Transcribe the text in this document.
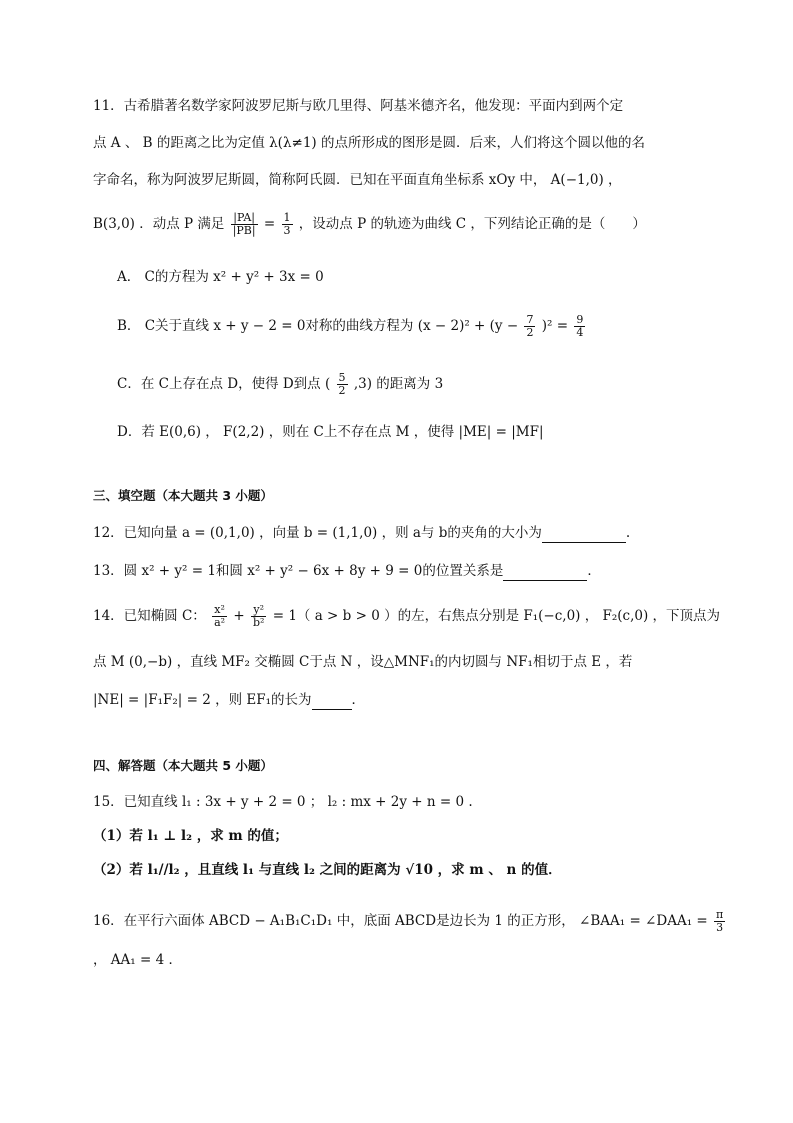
11．古希腊著名数学家阿波罗尼斯与欧几里得、阿基米德齐名，他发现：平面内到两个定
点 A 、 B 的距离之比为定值 λ(λ≠1) 的点所形成的图形是圆．后来，人们将这个圆以他的名
字命名，称为阿波罗尼斯圆，简称阿氏圆．已知在平面直角坐标系 xOy 中， A(−1,0) ，
B(3,0) ．动点 P 满足 $\frac{|PA|}{|PB|} = \frac{1}{3}$ ，设动点 P 的轨迹为曲线 C ，下列结论正确的是（　　）
A． C的方程为 x² + y² + 3x = 0
B． C关于直线 x + y − 2 = 0对称的曲线方程为 $(x - 2)^2 + (y - \frac{7}{2} )^2 = \frac{9}{4}$
C．在 C上存在点 D，使得 D到点 ( $\frac{5}{2} ,3$) 的距离为 3
D．若 E(0,6) ， F(2,2) ，则在 C上不存在点 M ，使得 |ME| = |MF|
三、填空题（本大题共 3 小题）
12．已知向量 a = (0,1,0) ，向量 b = (1,1,0) ，则 a与 b的夹角的大小为	.
13．圆 x² + y² = 1和圆 x² + y² − 6x + 8y + 9 = 0的位置关系是	．
14．已知椭圆 C： $\frac{\text{x²}}{\text{a²}} + \frac{\text{y²}}{\text{b²}} = 1$（ a > b > 0 ）的左，右焦点分别是 F₁(−c,0) ， F₂(c,0) ，下顶点为
点 M (0,−b) ，直线 MF₂ 交椭圆 C于点 N ，设△MNF₁的内切圆与 NF₁相切于点 E ，若
|NE| = |F₁F₂| = 2 ，则 EF₁的长为	．
四、解答题（本大题共 5 小题）
15．已知直线 l₁ : 3x + y + 2 = 0 ； l₂ : mx + 2y + n = 0 .
（1）若 l₁ ⊥ l₂ ，求 m 的值；
（2）若 l₁//l₂ ，且直线 l₁ 与直线 l₂ 之间的距离为 √10 ，求 m 、 n 的值．
16．在平行六面体 ABCD − A₁B₁C₁D₁ 中，底面 ABCD是边长为 1 的正方形， ∠BAA₁ = ∠DAA₁ = $\frac{\pi}{3}$
， AA₁ = 4 ．
